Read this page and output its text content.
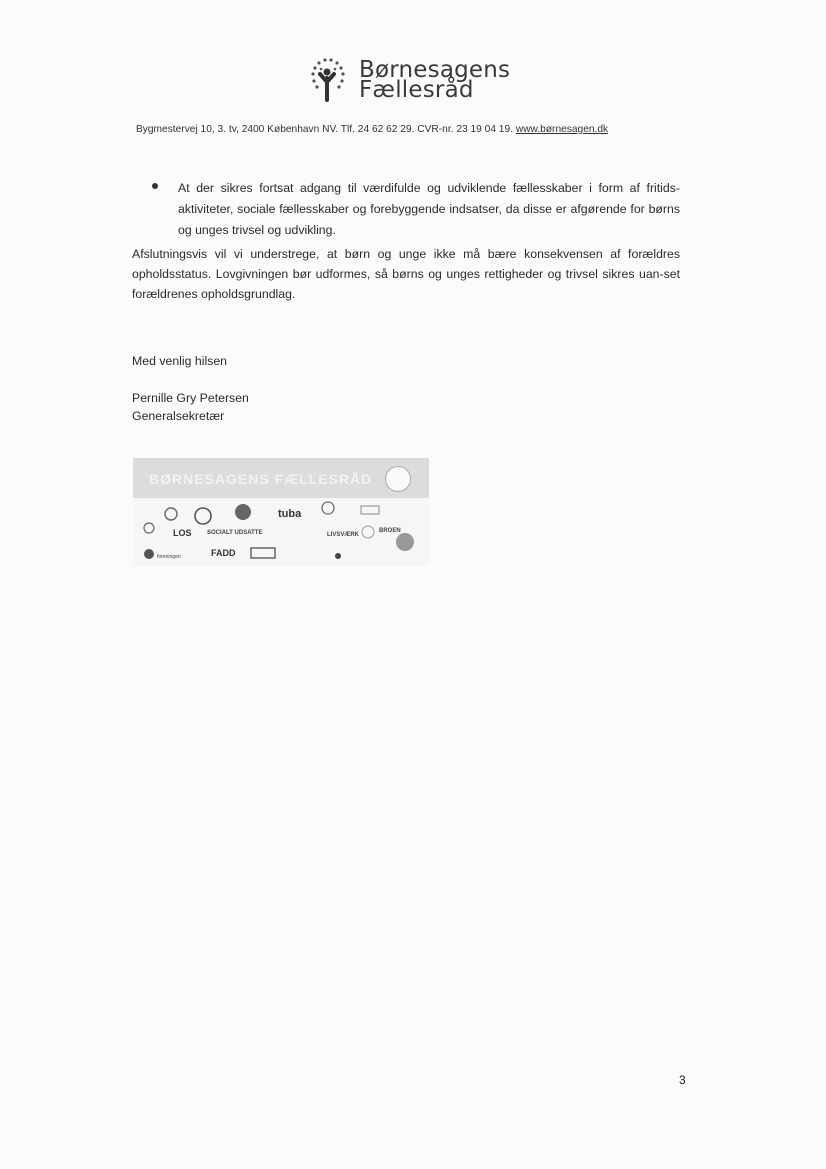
Børnesagens
Fællesråd
Bygmestervej 10, 3. tv, 2400 København NV. Tlf. 24 62 62 29. CVR-nr. 23 19 04 19. www.børnesagen.dk
At der sikres fortsat adgang til værdifulde og udviklende fællesskaber i form af fritids-aktiviteter, sociale fællesskaber og forebyggende indsatser, da disse er afgørende for børns og unges trivsel og udvikling.
Afslutningsvis vil vi understrege, at børn og unge ikke må bære konsekvensen af forældres opholdsstatus. Lovgivningen bør udformes, så børns og unges rettigheder og trivsel sikres uan-set forældrenes opholdsgrundlag.
Med venlig hilsen
Pernille Gry Petersen
Generalsekretær
BØRNESAGENS FÆLLESRÅD
tuba
LOS	SOCIALT UDSATTE	LIVSVÆRK
FADD
BROEN
foreningen
3
